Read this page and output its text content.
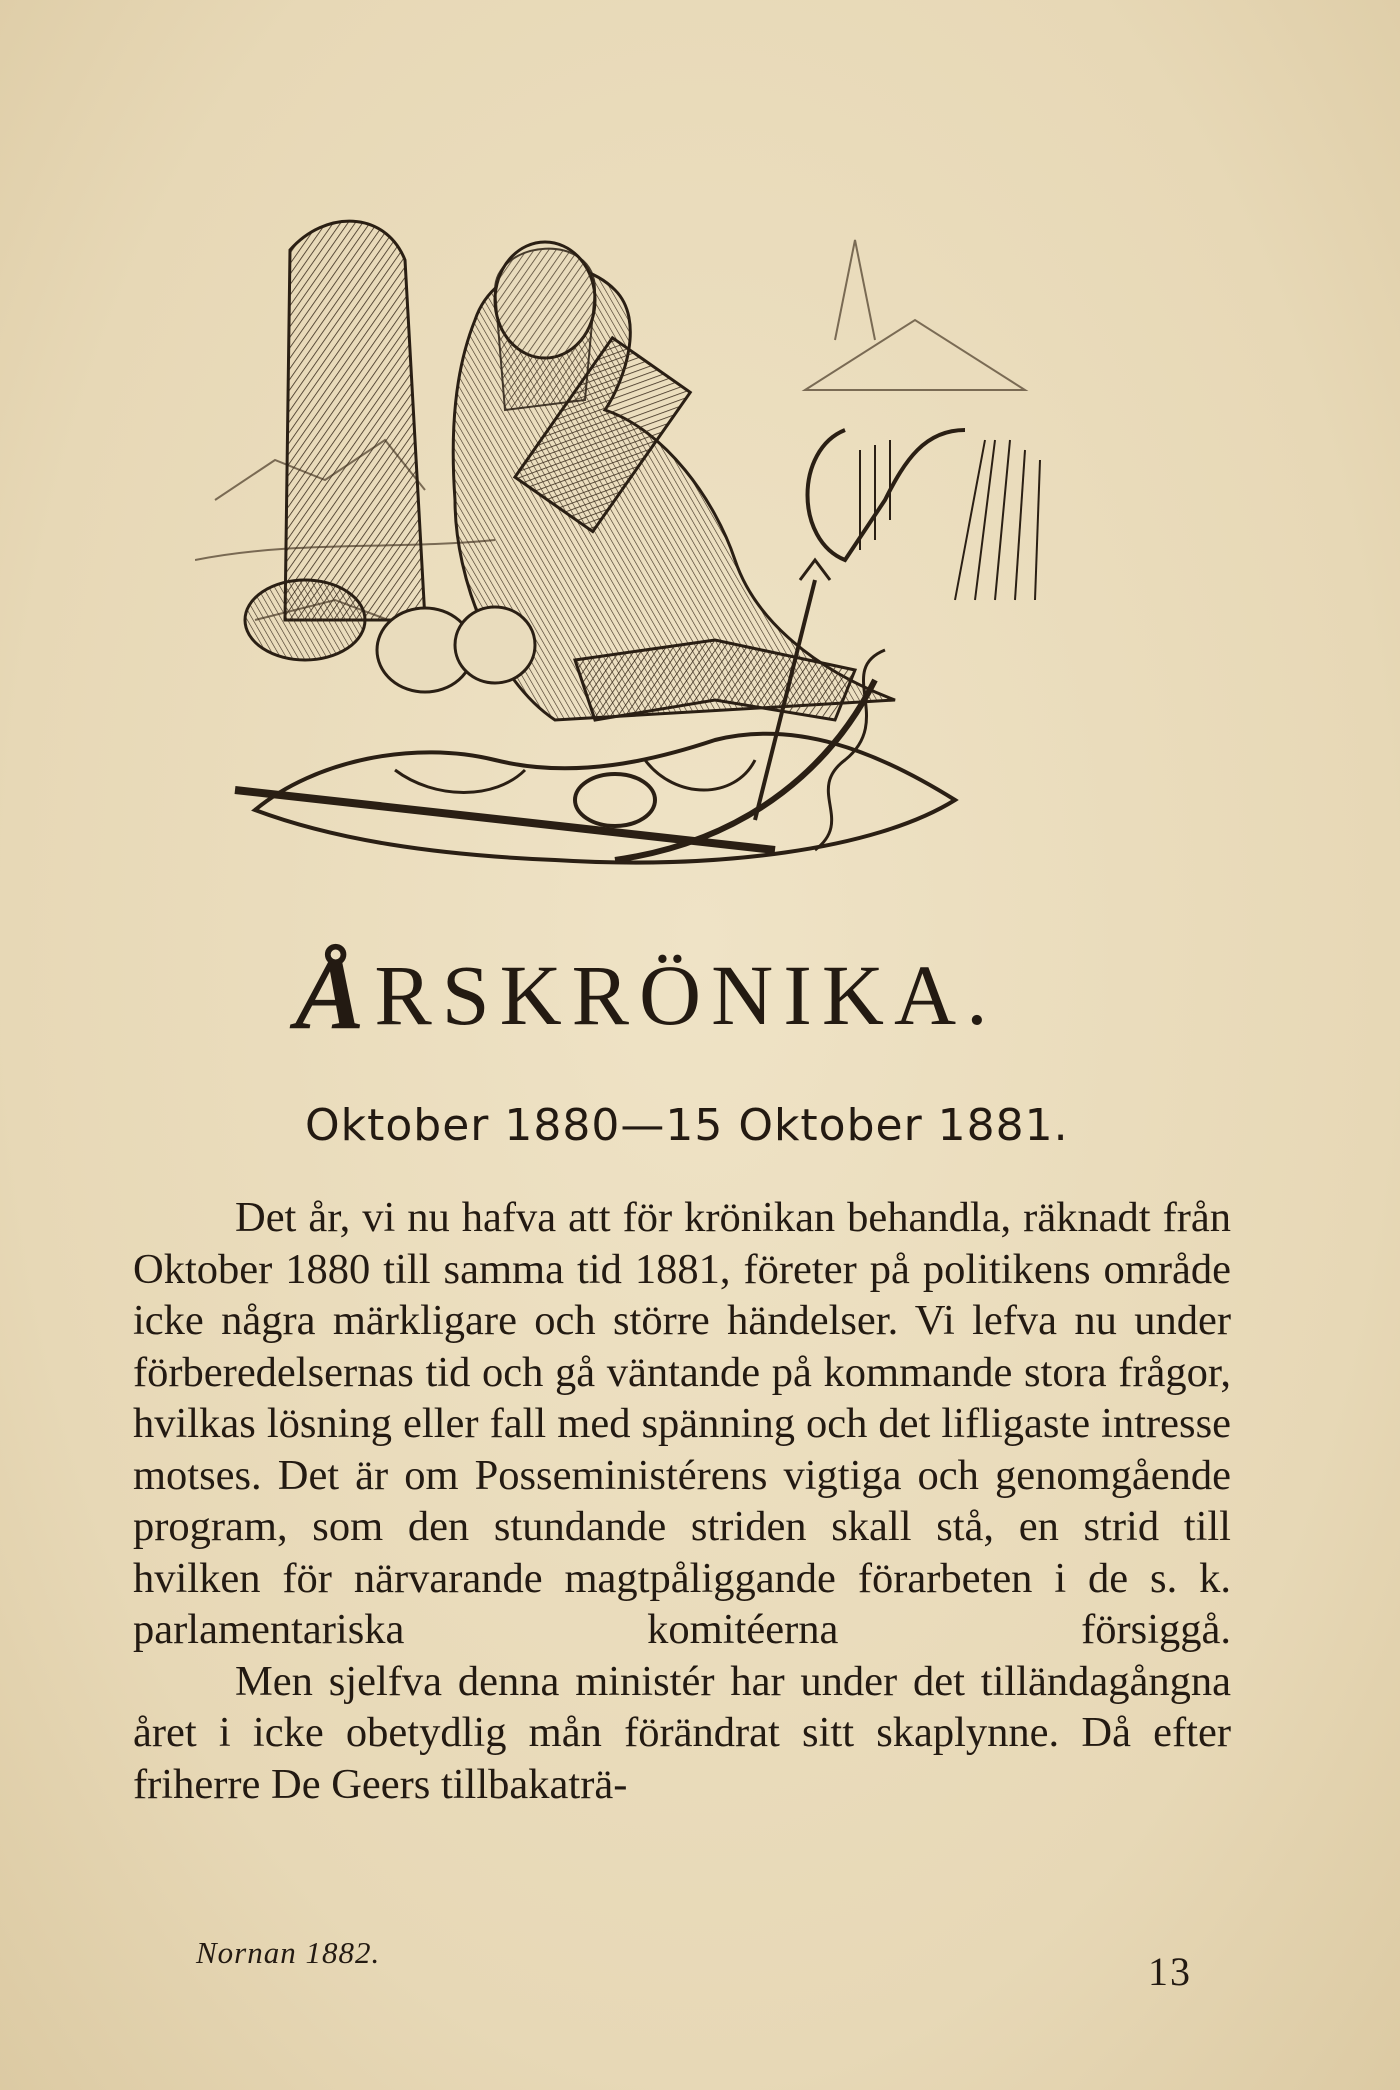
ÅRSKRÖNIKA.
Oktober 1880—15 Oktober 1881.

Det år, vi nu hafva att för krönikan behandla, räknadt från Oktober 1880 till samma tid 1881, företer på politikens område icke några märkligare och större händelser. Vi lefva nu under förberedelsernas tid och gå väntande på kommande stora frågor, hvilkas lösning eller fall med spänning och det lifligaste intresse motses. Det är om Posseministérens vigtiga och genomgående program, som den stundande striden skall stå, en strid till hvilken för närvarande magtpåliggande förarbeten i de s. k. parlamentariska komitéerna försiggå.

Men sjelfva denna ministér har under det tilländagångna året i icke obetydlig mån förändrat sitt skaplynne. Då efter friherre De Geers tillbakaträ-

Nornan 1882.	13
